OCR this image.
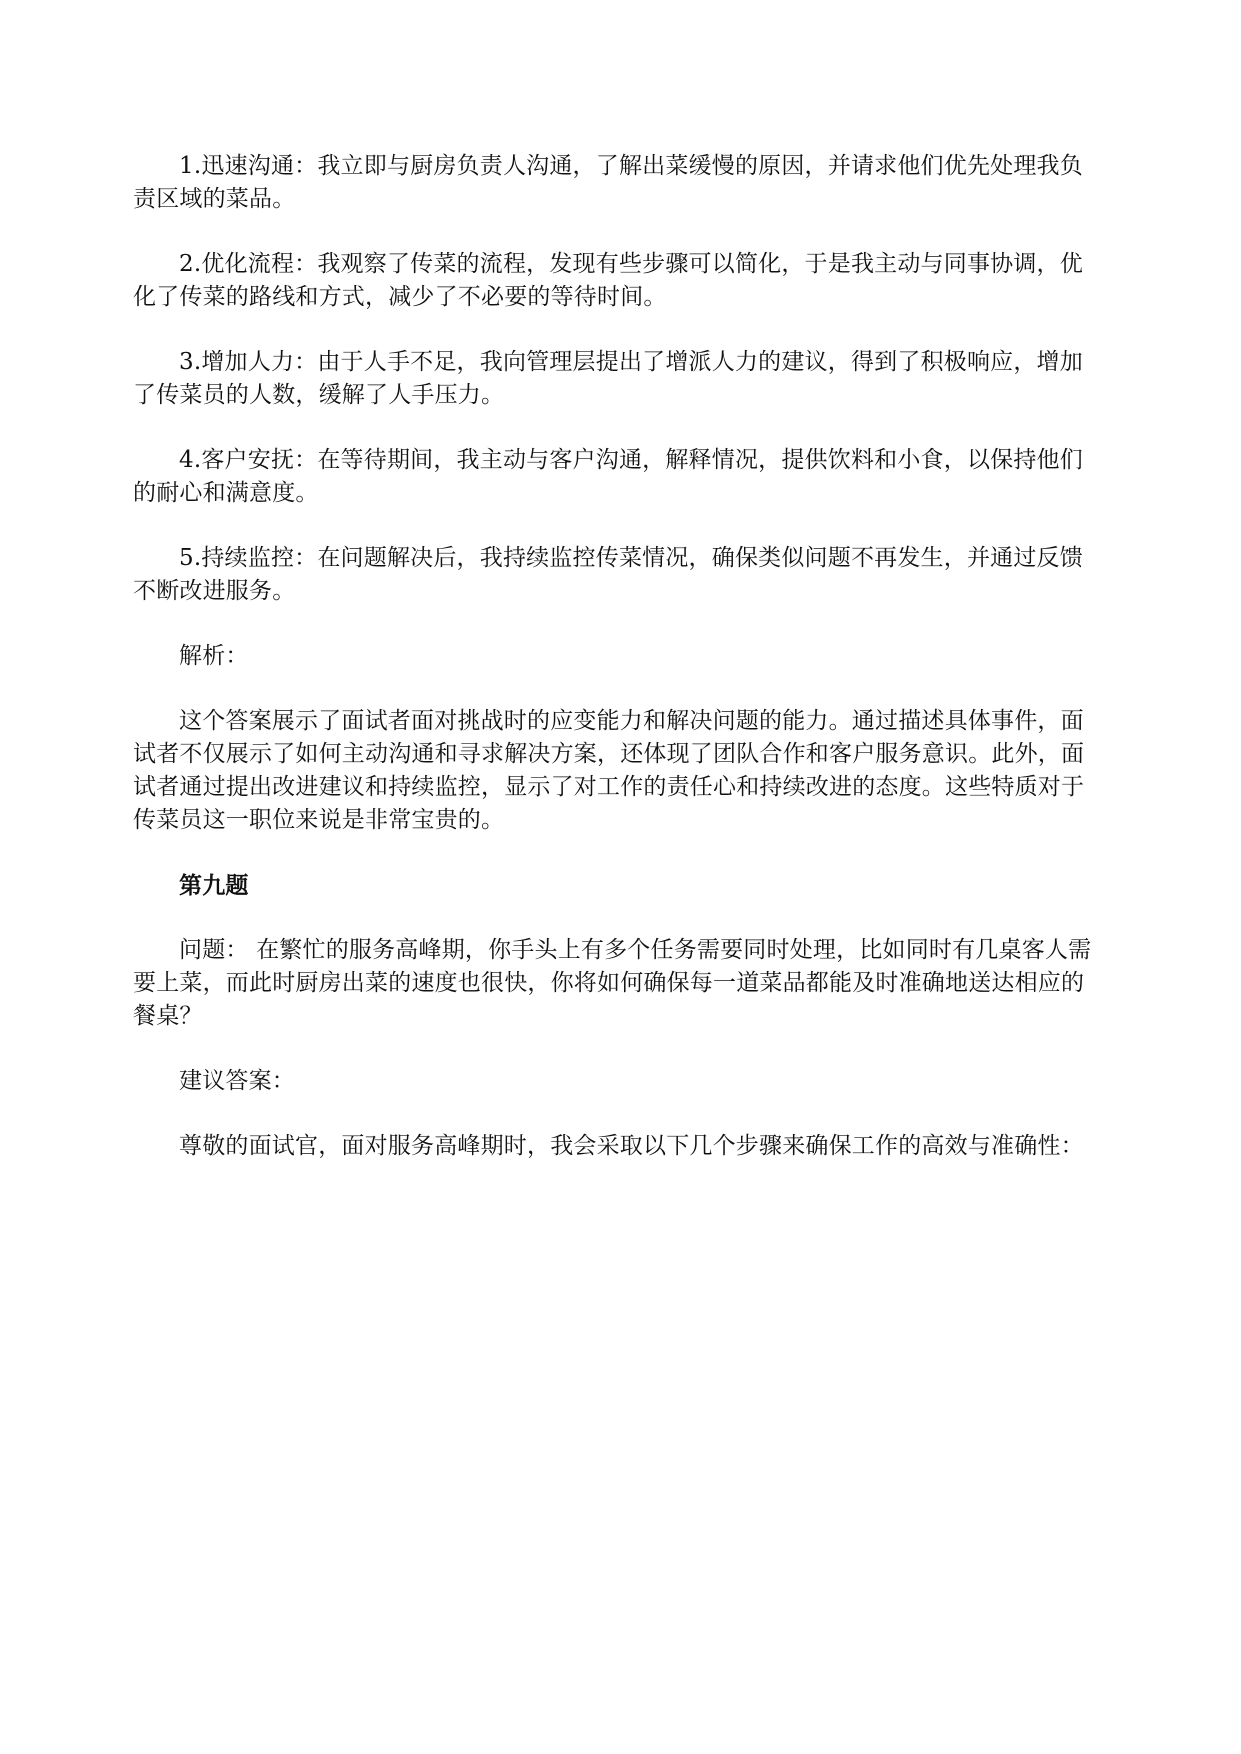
1.迅速沟通：我立即与厨房负责人沟通，了解出菜缓慢的原因，并请求他们优先处理我负责区域的菜品。

2.优化流程：我观察了传菜的流程，发现有些步骤可以简化，于是我主动与同事协调，优化了传菜的路线和方式，减少了不必要的等待时间。

3.增加人力：由于人手不足，我向管理层提出了增派人力的建议，得到了积极响应，增加了传菜员的人数，缓解了人手压力。

4.客户安抚：在等待期间，我主动与客户沟通，解释情况，提供饮料和小食，以保持他们的耐心和满意度。

5.持续监控：在问题解决后，我持续监控传菜情况，确保类似问题不再发生，并通过反馈不断改进服务。

解析：

这个答案展示了面试者面对挑战时的应变能力和解决问题的能力。通过描述具体事件，面试者不仅展示了如何主动沟通和寻求解决方案，还体现了团队合作和客户服务意识。此外，面试者通过提出改进建议和持续监控，显示了对工作的责任心和持续改进的态度。这些特质对于传菜员这一职位来说是非常宝贵的。

第九题

问题： 在繁忙的服务高峰期，你手头上有多个任务需要同时处理，比如同时有几桌客人需要上菜，而此时厨房出菜的速度也很快，你将如何确保每一道菜品都能及时准确地送达相应的餐桌？

建议答案：

尊敬的面试官，面对服务高峰期时，我会采取以下几个步骤来确保工作的高效与准确性：
